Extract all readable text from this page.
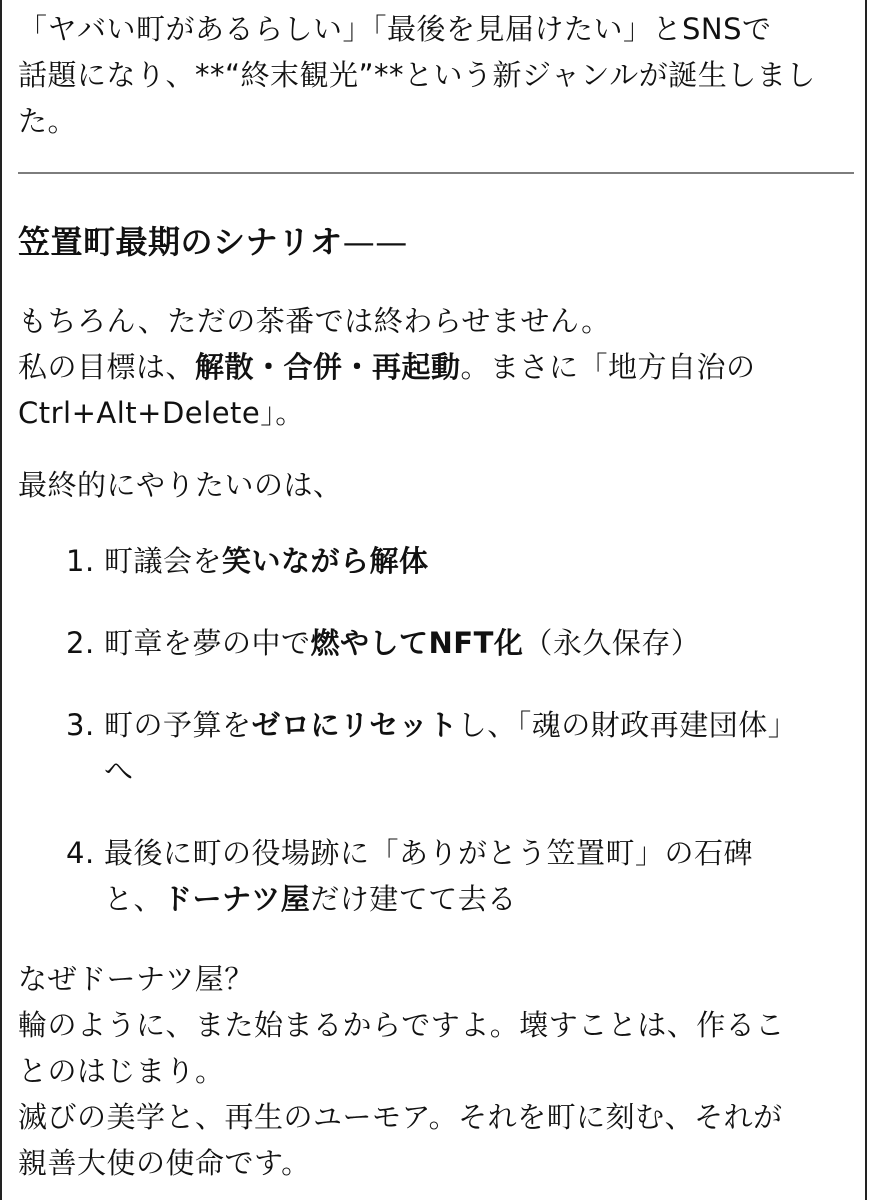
「ヤバい町があるらしい」「最後を見届けたい」とSNSで

話題になり、**“終末観光”**という新ジャンルが誕生しまし

た。

笠置町最期のシナリオ——

もちろん、ただの茶番では終わらせません。

私の目標は、解散・合併・再起動。まさに「地方自治の

Ctrl+Alt+Delete」。

最終的にやりたいのは、

1. 町議会を笑いながら解体
2. 町章を夢の中で燃やしてNFT化（永久保存）
3. 町の予算をゼロにリセットし、「魂の財政再建団体」
へ
4. 最後に町の役場跡に「ありがとう笠置町」の石碑
と、ドーナツ屋だけ建てて去る

なぜドーナツ屋？

輪のように、また始まるからですよ。壊すことは、作るこ

とのはじまり。

滅びの美学と、再生のユーモア。それを町に刻む、それが

親善大使の使命です。
